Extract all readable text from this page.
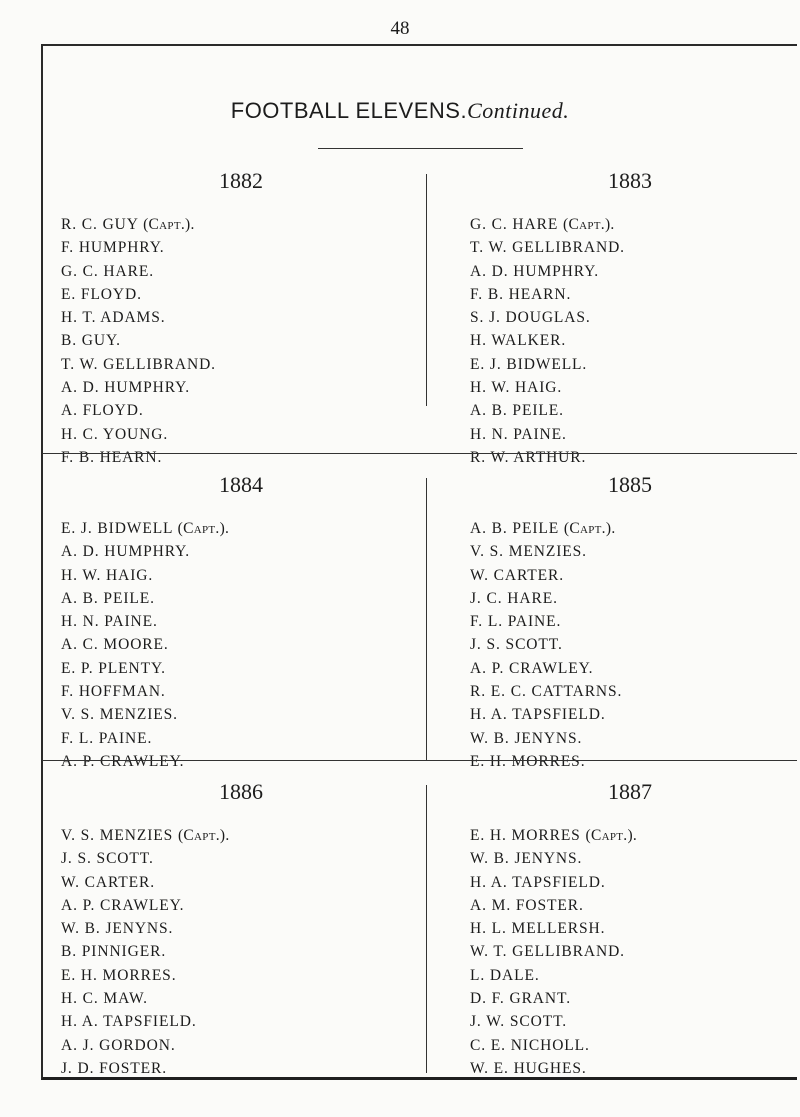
48
FOOTBALL ELEVENS.Continued.
1882
R. C. GUY (Capt.).
F. HUMPHRY.
G. C. HARE.
E. FLOYD.
H. T. ADAMS.
B. GUY.
T. W. GELLIBRAND.
A. D. HUMPHRY.
A. FLOYD.
H. C. YOUNG.
F. B. HEARN.
1883
G. C. HARE (Capt.).
T. W. GELLIBRAND.
A. D. HUMPHRY.
F. B. HEARN.
S. J. DOUGLAS.
H. WALKER.
E. J. BIDWELL.
H. W. HAIG.
A. B. PEILE.
H. N. PAINE.
R. W. ARTHUR.
1884
E. J. BIDWELL (Capt.).
A. D. HUMPHRY.
H. W. HAIG.
A. B. PEILE.
H. N. PAINE.
A. C. MOORE.
E. P. PLENTY.
F. HOFFMAN.
V. S. MENZIES.
F. L. PAINE.
A. P. CRAWLEY.
1885
A. B. PEILE (Capt.).
V. S. MENZIES.
W. CARTER.
J. C. HARE.
F. L. PAINE.
J. S. SCOTT.
A. P. CRAWLEY.
R. E. C. CATTARNS.
H. A. TAPSFIELD.
W. B. JENYNS.
E. H. MORRES.
1886
V. S. MENZIES (Capt.).
J. S. SCOTT.
W. CARTER.
A. P. CRAWLEY.
W. B. JENYNS.
B. PINNIGER.
E. H. MORRES.
H. C. MAW.
H. A. TAPSFIELD.
A. J. GORDON.
J. D. FOSTER.
1887
E. H. MORRES (Capt.).
W. B. JENYNS.
H. A. TAPSFIELD.
A. M. FOSTER.
H. L. MELLERSH.
W. T. GELLIBRAND.
L. DALE.
D. F. GRANT.
J. W. SCOTT.
C. E. NICHOLL.
W. E. HUGHES.
